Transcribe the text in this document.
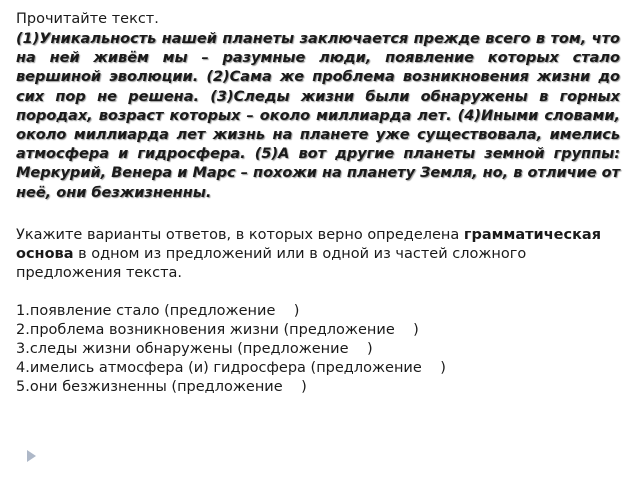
Прочитайте текст.

(1)Уникальность нашей планеты заключается прежде всего в том, что на ней живём мы – разумные люди, появление которых стало вершиной эволюции. (2)Сама же проблема возникновения жизни до сих пор не решена. (3)Следы жизни были обнаружены в горных породах, возраст которых – около миллиарда лет. (4)Иными словами, около миллиарда лет жизнь на планете уже существовала, имелись атмосфера и гидросфера. (5)А вот другие планеты земной группы: Меркурий, Венера и Марс – похожи на планету Земля, но, в отличие от неё, они безжизненны.

Укажите варианты ответов, в которых верно определена грамматическая основа в одном из предложений или в одной из частей сложного предложения текста.

1.появление стало (предложение    )
2.проблема возникновения жизни (предложение    )
3.следы жизни обнаружены (предложение    )
4.имелись атмосфера (и) гидросфера (предложение    )
5.они безжизненны (предложение    )
